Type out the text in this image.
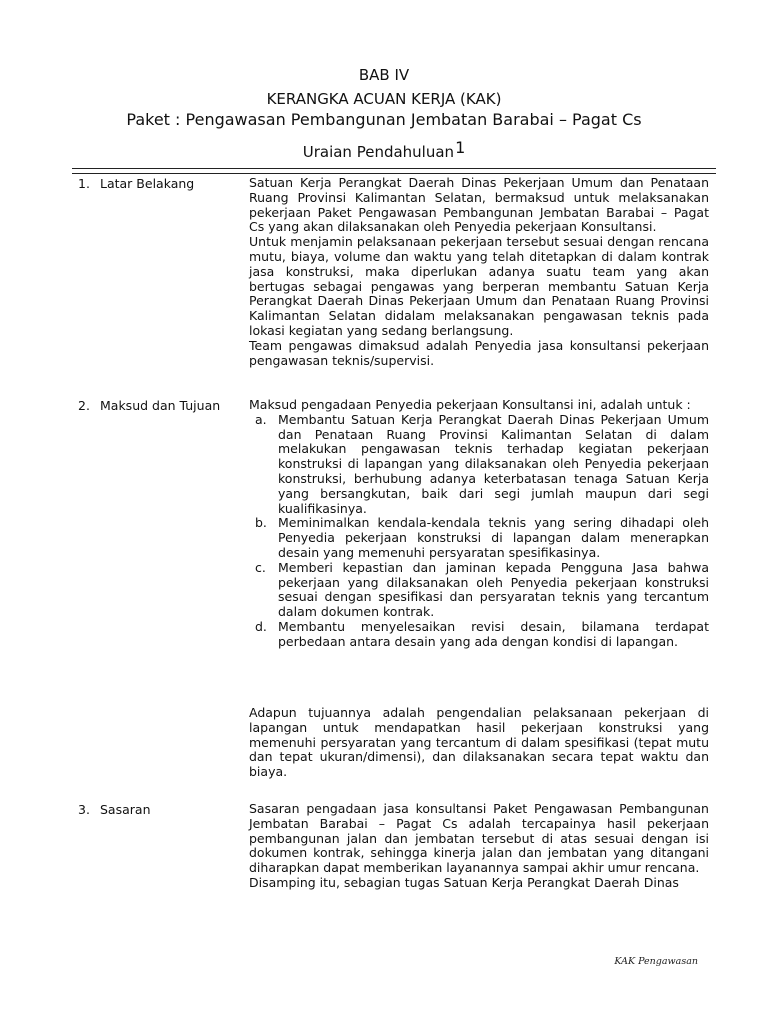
BAB IV
KERANGKA ACUAN KERJA (KAK)
Paket : Pengawasan Pembangunan Jembatan Barabai – Pagat Cs
Uraian Pendahuluan$^1$
1. Latar Belakang	Satuan Kerja Perangkat Daerah Dinas Pekerjaan Umum dan Penataan Ruang Provinsi Kalimantan Selatan, bermaksud untuk melaksanakan pekerjaan Paket Pengawasan Pembangunan Jembatan Barabai – Pagat Cs yang akan dilaksanakan oleh Penyedia pekerjaan Konsultansi.

Untuk menjamin pelaksanaan pekerjaan tersebut sesuai dengan rencana mutu, biaya, volume dan waktu yang telah ditetapkan di dalam kontrak jasa konstruksi, maka diperlukan adanya suatu team yang akan bertugas sebagai pengawas yang berperan membantu Satuan Kerja Perangkat Daerah Dinas Pekerjaan Umum dan Penataan Ruang Provinsi Kalimantan Selatan didalam melaksanakan pengawasan teknis pada lokasi kegiatan yang sedang berlangsung.

Team pengawas dimaksud adalah Penyedia jasa konsultansi pekerjaan pengawasan teknis/supervisi.

2. Maksud dan Tujuan Maksud pengadaan Penyedia pekerjaan Konsultansi ini, adalah untuk :

a. Membantu Satuan Kerja Perangkat Daerah Dinas Pekerjaan Umum dan Penataan Ruang Provinsi Kalimantan Selatan di dalam melakukan pengawasan teknis terhadap kegiatan pekerjaan konstruksi di lapangan yang dilaksanakan oleh Penyedia pekerjaan konstruksi, berhubung adanya keterbatasan tenaga Satuan Kerja yang bersangkutan, baik dari segi jumlah maupun dari segi kualifikasinya.
b. Meminimalkan kendala-kendala teknis yang sering dihadapi oleh Penyedia pekerjaan konstruksi di lapangan dalam menerapkan desain yang memenuhi persyaratan spesifikasinya.
c. Memberi kepastian dan jaminan kepada Pengguna Jasa bahwa pekerjaan yang dilaksanakan oleh Penyedia pekerjaan konstruksi sesuai dengan spesifikasi dan persyaratan teknis yang tercantum dalam dokumen kontrak.
d. Membantu menyelesaikan revisi desain, bilamana terdapat perbedaan antara desain yang ada dengan kondisi di lapangan.

Adapun tujuannya adalah pengendalian pelaksanaan pekerjaan di lapangan untuk mendapatkan hasil pekerjaan konstruksi yang memenuhi persyaratan yang tercantum di dalam spesifikasi (tepat mutu dan tepat ukuran/dimensi), dan dilaksanakan secara tepat waktu dan biaya.

3. Sasaran	Sasaran pengadaan jasa konsultansi Paket Pengawasan Pembangunan Jembatan Barabai – Pagat Cs adalah tercapainya hasil pekerjaan pembangunan jalan dan jembatan tersebut di atas sesuai dengan isi dokumen kontrak, sehingga kinerja jalan dan jembatan yang ditangani diharapkan dapat memberikan layanannya sampai akhir umur rencana.

Disamping itu, sebagian tugas Satuan Kerja Perangkat Daerah Dinas

KAK Pengawasan
